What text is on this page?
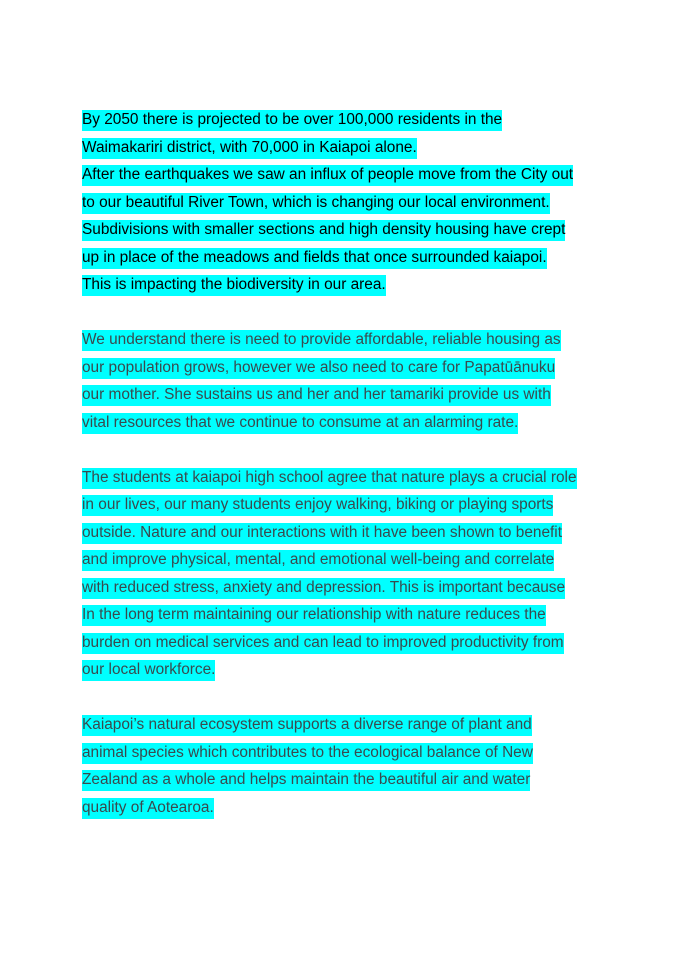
By 2050 there is projected to be over 100,000 residents in the
Waimakariri district, with 70,000 in Kaiapoi alone.
After the earthquakes we saw an influx of people move from the City out
to our beautiful River Town, which is changing our local environment.
Subdivisions with smaller sections and high density housing have crept
up in place of the meadows and fields that once surrounded kaiapoi.
This is impacting the biodiversity in our area.
We understand there is need to provide affordable, reliable housing as
our population grows, however we also need to care for Papatūānuku
our mother. She sustains us and her and her tamariki provide us with
vital resources that we continue to consume at an alarming rate.
The students at kaiapoi high school agree that nature plays a crucial role
in our lives, our many students enjoy walking, biking or playing sports
outside. Nature and our interactions with it have been shown to benefit
and improve physical, mental, and emotional well-being and correlate
with reduced stress, anxiety and depression. This is important because
In the long term maintaining our relationship with nature reduces the
burden on medical services and can lead to improved productivity from
our local workforce.
Kaiapoi’s natural ecosystem supports a diverse range of plant and
animal species which contributes to the ecological balance of New
Zealand as a whole and helps maintain the beautiful air and water
quality of Aotearoa.
